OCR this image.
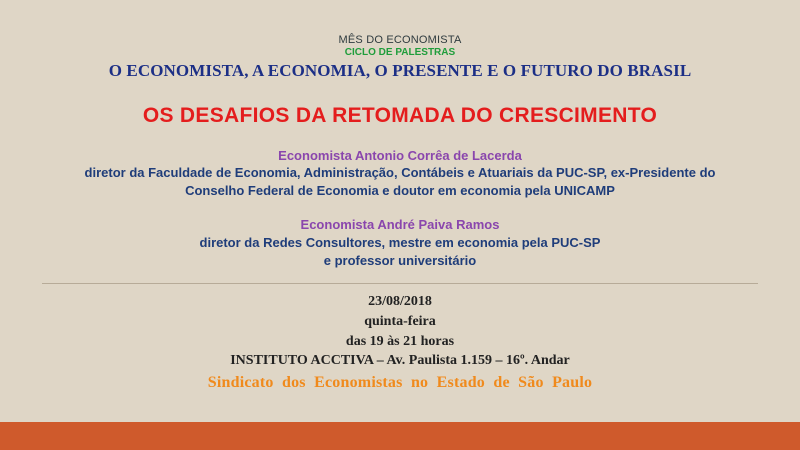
MÊS DO ECONOMISTA
CICLO DE PALESTRAS
O ECONOMISTA, A ECONOMIA, O PRESENTE E O FUTURO DO BRASIL
OS DESAFIOS DA RETOMADA DO CRESCIMENTO
Economista Antonio Corrêa de Lacerda
diretor da Faculdade de Economia, Administração, Contábeis e Atuariais da PUC-SP, ex-Presidente do
Conselho Federal de Economia e doutor em economia pela UNICAMP
Economista André Paiva Ramos
diretor da Redes Consultores, mestre em economia pela PUC-SP
e professor universitário
23/08/2018
quinta-feira
das 19 às 21 horas
INSTITUTO ACCTIVA – Av. Paulista 1.159 – 16º. Andar
Sindicato  dos  Economistas  no  Estado  de  São  Paulo
